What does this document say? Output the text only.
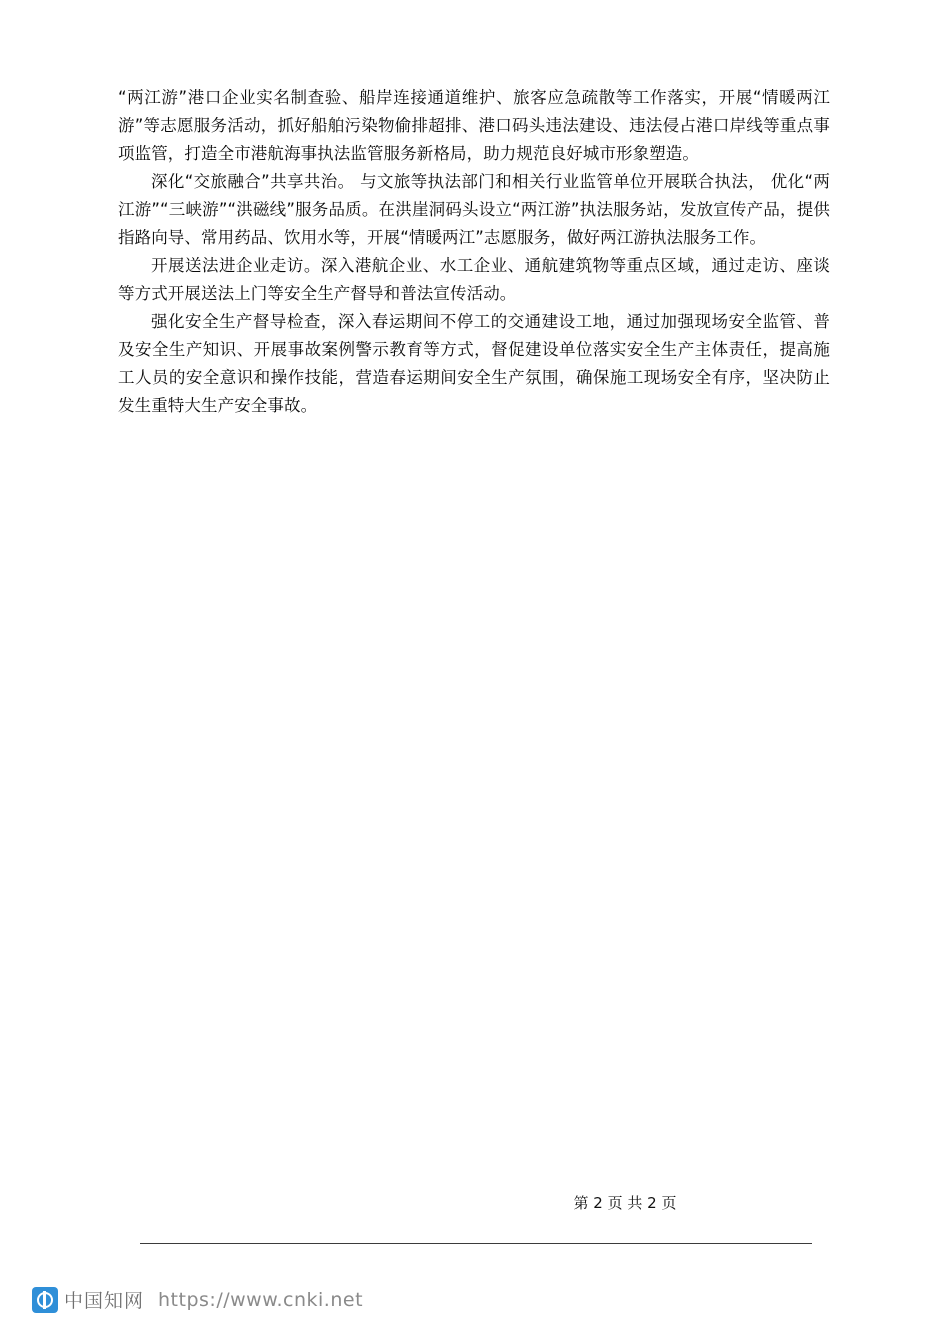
“两江游”港口企业实名制查验、船岸连接通道维护、旅客应急疏散等工作落实，开展“情暖两江游”等志愿服务活动，抓好船舶污染物偷排超排、港口码头违法建设、违法侵占港口岸线等重点事项监管，打造全市港航海事执法监管服务新格局，助力规范良好城市形象塑造。

深化“交旅融合”共享共治。 与文旅等执法部门和相关行业监管单位开展联合执法， 优化“两江游”“三峡游”“洪磁线”服务品质。在洪崖洞码头设立“两江游”执法服务站，发放宣传产品，提供指路向导、常用药品、饮用水等，开展“情暖两江”志愿服务，做好两江游执法服务工作。

开展送法进企业走访。深入港航企业、水工企业、通航建筑物等重点区域，通过走访、座谈等方式开展送法上门等安全生产督导和普法宣传活动。

强化安全生产督导检查，深入春运期间不停工的交通建设工地，通过加强现场安全监管、普及安全生产知识、开展事故案例警示教育等方式，督促建设单位落实安全生产主体责任，提高施工人员的安全意识和操作技能，营造春运期间安全生产氛围，确保施工现场安全有序，坚决防止发生重特大生产安全事故。

第 2 页 共 2 页
中国知网 https://www.cnki.net
